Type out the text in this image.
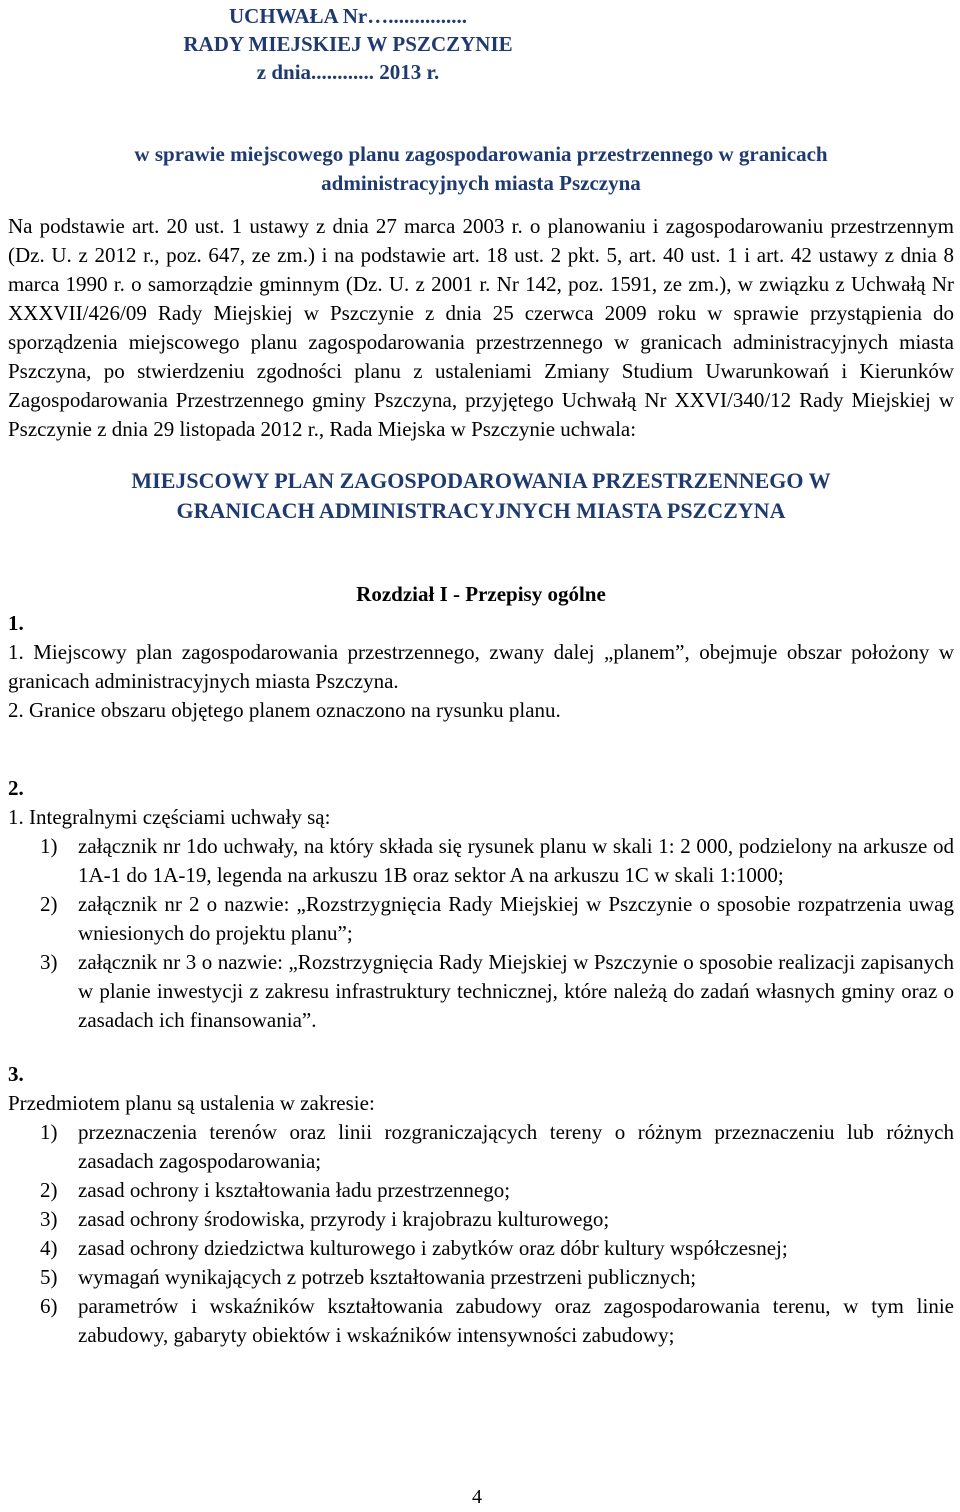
UCHWAŁA Nr…...............
RADY MIEJSKIEJ W PSZCZYNIE
z dnia............ 2013 r.
w sprawie miejscowego planu zagospodarowania przestrzennego w granicach
administracyjnych miasta Pszczyna
Na podstawie art. 20 ust. 1 ustawy z dnia 27 marca 2003 r. o planowaniu i zagospodarowaniu przestrzennym (Dz. U. z 2012 r., poz. 647, ze zm.) i na podstawie art. 18 ust. 2 pkt. 5, art. 40 ust. 1 i art. 42 ustawy z dnia 8 marca 1990 r. o samorządzie gminnym (Dz. U. z 2001 r. Nr 142, poz. 1591, ze zm.), w związku z Uchwałą Nr XXXVII/426/09 Rady Miejskiej w Pszczynie z dnia 25 czerwca 2009 roku w sprawie przystąpienia do sporządzenia miejscowego planu zagospodarowania przestrzennego w granicach administracyjnych miasta Pszczyna, po stwierdzeniu zgodności planu z ustaleniami Zmiany Studium Uwarunkowań i Kierunków Zagospodarowania Przestrzennego gminy Pszczyna, przyjętego Uchwałą Nr XXVI/340/12 Rady Miejskiej w Pszczynie z dnia 29 listopada 2012 r., Rada Miejska w Pszczynie uchwala:
MIEJSCOWY PLAN ZAGOSPODAROWANIA PRZESTRZENNEGO W
GRANICACH ADMINISTRACYJNYCH MIASTA PSZCZYNA
Rozdział I - Przepisy ogólne
1.
1. Miejscowy plan zagospodarowania przestrzennego, zwany dalej „planem”, obejmuje obszar położony w granicach administracyjnych miasta Pszczyna.
2. Granice obszaru objętego planem oznaczono na rysunku planu.
2.
1. Integralnymi częściami uchwały są:
1) załącznik nr 1do uchwały, na który składa się rysunek planu w skali 1: 2 000, podzielony na arkusze od 1A-1 do 1A-19, legenda na arkuszu 1B oraz sektor A na arkuszu 1C w skali 1:1000;
2) załącznik nr 2 o nazwie: „Rozstrzygnięcia Rady Miejskiej w Pszczynie o sposobie rozpatrzenia uwag wniesionych do projektu planu”;
3) załącznik nr 3 o nazwie: „Rozstrzygnięcia Rady Miejskiej w Pszczynie o sposobie realizacji zapisanych w planie inwestycji z zakresu infrastruktury technicznej, które należą do zadań własnych gminy oraz o zasadach ich finansowania”.
3.
Przedmiotem planu są ustalenia w zakresie:
1) przeznaczenia terenów oraz linii rozgraniczających tereny o różnym przeznaczeniu lub różnych zasadach zagospodarowania;
2) zasad ochrony i kształtowania ładu przestrzennego;
3) zasad ochrony środowiska, przyrody i krajobrazu kulturowego;
4) zasad ochrony dziedzictwa kulturowego i zabytków oraz dóbr kultury współczesnej;
5) wymagań wynikających z potrzeb kształtowania przestrzeni publicznych;
6) parametrów i wskaźników kształtowania zabudowy oraz zagospodarowania terenu, w tym linie zabudowy, gabaryty obiektów i wskaźników intensywności zabudowy;
4
